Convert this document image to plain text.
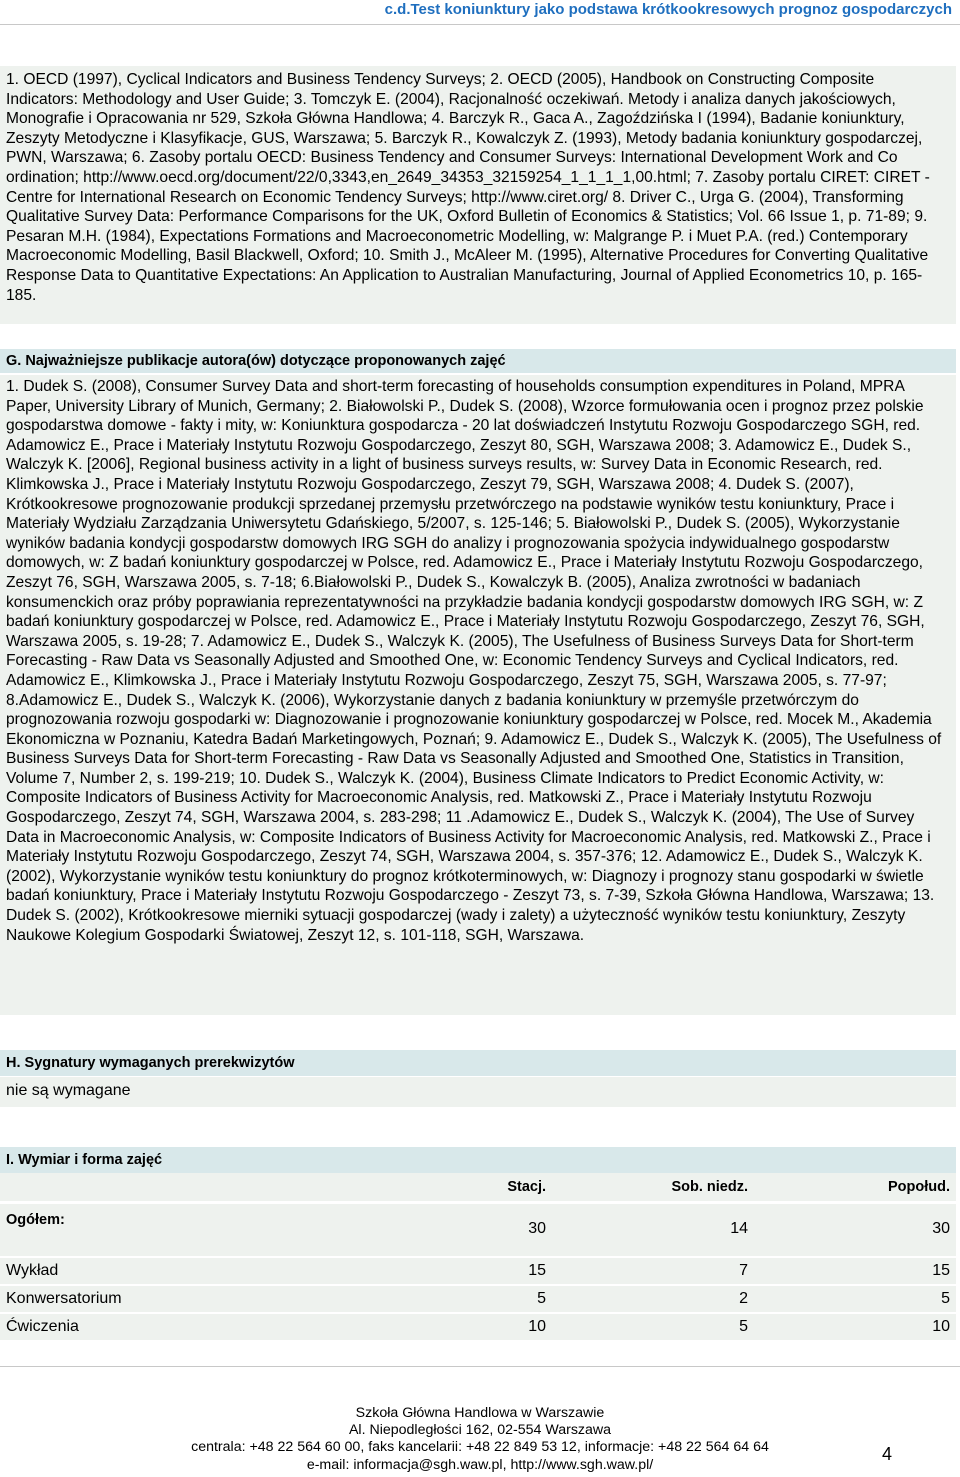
c.d.Test koniunktury jako podstawa krótkookresowych prognoz gospodarczych
1. OECD (1997), Cyclical Indicators and Business Tendency Surveys; 2. OECD (2005), Handbook on Constructing Composite Indicators: Methodology and User Guide; 3. Tomczyk E. (2004), Racjonalność oczekiwań. Metody i analiza danych jakościowych, Monografie i Opracowania nr 529, Szkoła Główna Handlowa; 4. Barczyk R., Gaca A., Zagoździńska I (1994), Badanie koniunktury, Zeszyty Metodyczne i Klasyfikacje, GUS, Warszawa; 5. Barczyk R., Kowalczyk Z. (1993), Metody badania koniunktury gospodarczej, PWN, Warszawa; 6. Zasoby portalu OECD: Business Tendency and Consumer Surveys: International Development Work and Co ordination; http://www.oecd.org/document/22/0,3343,en_2649_34353_32159254_1_1_1_1,00.html; 7. Zasoby portalu CIRET: CIRET - Centre for International Research on Economic Tendency Surveys; http://www.ciret.org/ 8. Driver C., Urga G. (2004), Transforming Qualitative Survey Data: Performance Comparisons for the UK, Oxford Bulletin of Economics & Statistics; Vol. 66 Issue 1, p. 71-89; 9. Pesaran M.H. (1984), Expectations Formations and Macroeconometric Modelling, w: Malgrange P. i Muet P.A. (red.) Contemporary Macroeconomic Modelling, Basil Blackwell, Oxford; 10. Smith J., McAleer M. (1995), Alternative Procedures for Converting Qualitative Response Data to Quantitative Expectations: An Application to Australian Manufacturing, Journal of Applied Econometrics 10, p. 165-185.
G. Najważniejsze publikacje autora(ów) dotyczące proponowanych zajęć
1. Dudek S. (2008), Consumer Survey Data and short-term forecasting of households consumption expenditures in Poland, MPRA Paper, University Library of Munich, Germany; 2. Białowolski P., Dudek S. (2008), Wzorce formułowania ocen i prognoz przez polskie gospodarstwa domowe - fakty i mity, w: Koniunktura gospodarcza - 20 lat doświadczeń Instytutu Rozwoju Gospodarczego SGH, red. Adamowicz E., Prace i Materiały Instytutu Rozwoju Gospodarczego, Zeszyt 80, SGH, Warszawa 2008; 3. Adamowicz E., Dudek S., Walczyk K. [2006], Regional business activity in a light of business surveys results, w: Survey Data in Economic Research, red. Klimkowska J., Prace i Materiały Instytutu Rozwoju Gospodarczego, Zeszyt 79, SGH, Warszawa 2008; 4. Dudek S. (2007), Krótkookresowe prognozowanie produkcji sprzedanej przemysłu przetwórczego na podstawie wyników testu koniunktury, Prace i Materiały Wydziału Zarządzania Uniwersytetu Gdańskiego, 5/2007, s. 125-146; 5. Białowolski P., Dudek S. (2005), Wykorzystanie wyników badania kondycji gospodarstw domowych IRG SGH do analizy i prognozowania spożycia indywidualnego gospodarstw domowych, w: Z badań koniunktury gospodarczej w Polsce, red. Adamowicz E., Prace i Materiały Instytutu Rozwoju Gospodarczego, Zeszyt 76, SGH, Warszawa 2005, s. 7-18; 6.Białowolski P., Dudek S., Kowalczyk B. (2005), Analiza zwrotności w badaniach konsumenckich oraz próby poprawiania reprezentatywności na przykładzie badania kondycji gospodarstw domowych IRG SGH, w: Z badań koniunktury gospodarczej w Polsce, red. Adamowicz E., Prace i Materiały Instytutu Rozwoju Gospodarczego, Zeszyt 76, SGH, Warszawa 2005, s. 19-28; 7. Adamowicz E., Dudek S., Walczyk K. (2005), The Usefulness of Business Surveys Data for Short-term Forecasting - Raw Data vs Seasonally Adjusted and Smoothed One, w: Economic Tendency Surveys and Cyclical Indicators, red. Adamowicz E., Klimkowska J., Prace i Materiały Instytutu Rozwoju Gospodarczego, Zeszyt 75, SGH, Warszawa 2005, s. 77-97; 8.Adamowicz E., Dudek S., Walczyk K. (2006), Wykorzystanie danych z badania koniunktury w przemyśle przetwórczym do prognozowania rozwoju gospodarki w: Diagnozowanie i prognozowanie koniunktury gospodarczej w Polsce, red. Mocek M., Akademia Ekonomiczna w Poznaniu, Katedra Badań Marketingowych, Poznań; 9. Adamowicz E., Dudek S., Walczyk K. (2005), The Usefulness of Business Surveys Data for Short-term Forecasting - Raw Data vs Seasonally Adjusted and Smoothed One, Statistics in Transition, Volume 7, Number 2, s. 199-219; 10. Dudek S., Walczyk K. (2004), Business Climate Indicators to Predict Economic Activity, w: Composite Indicators of Business Activity for Macroeconomic Analysis, red. Matkowski Z., Prace i Materiały Instytutu Rozwoju Gospodarczego, Zeszyt 74, SGH, Warszawa 2004, s. 283-298; 11 .Adamowicz E., Dudek S., Walczyk K. (2004), The Use of Survey Data in Macroeconomic Analysis, w: Composite Indicators of Business Activity for Macroeconomic Analysis, red. Matkowski Z., Prace i Materiały Instytutu Rozwoju Gospodarczego, Zeszyt 74, SGH, Warszawa 2004, s. 357-376; 12. Adamowicz E., Dudek S., Walczyk K. (2002), Wykorzystanie wyników testu koniunktury do prognoz krótkoterminowych, w: Diagnozy i prognozy stanu gospodarki w świetle badań koniunktury, Prace i Materiały Instytutu Rozwoju Gospodarczego - Zeszyt 73, s. 7-39, Szkoła Główna Handlowa, Warszawa; 13. Dudek S. (2002), Krótkookresowe mierniki sytuacji gospodarczej (wady i zalety) a użyteczność wyników testu koniunktury, Zeszyty Naukowe Kolegium Gospodarki Światowej, Zeszyt 12, s. 101-118, SGH, Warszawa.
H. Sygnatury wymaganych prerekwizytów
nie są wymagane
I. Wymiar i forma zajęć
Stacj.	Sob. niedz.	Popołud.
Ogółem:	30	14	30
Wykład	15	7	15
Konwersatorium	5	2	5
Ćwiczenia	10	5	10
Szkoła Główna Handlowa w Warszawie
Al. Niepodległości 162, 02-554 Warszawa
centrala: +48 22 564 60 00, faks kancelarii: +48 22 849 53 12, informacje: +48 22 564 64 64
e-mail: informacja@sgh.waw.pl, http://www.sgh.waw.pl/
4
